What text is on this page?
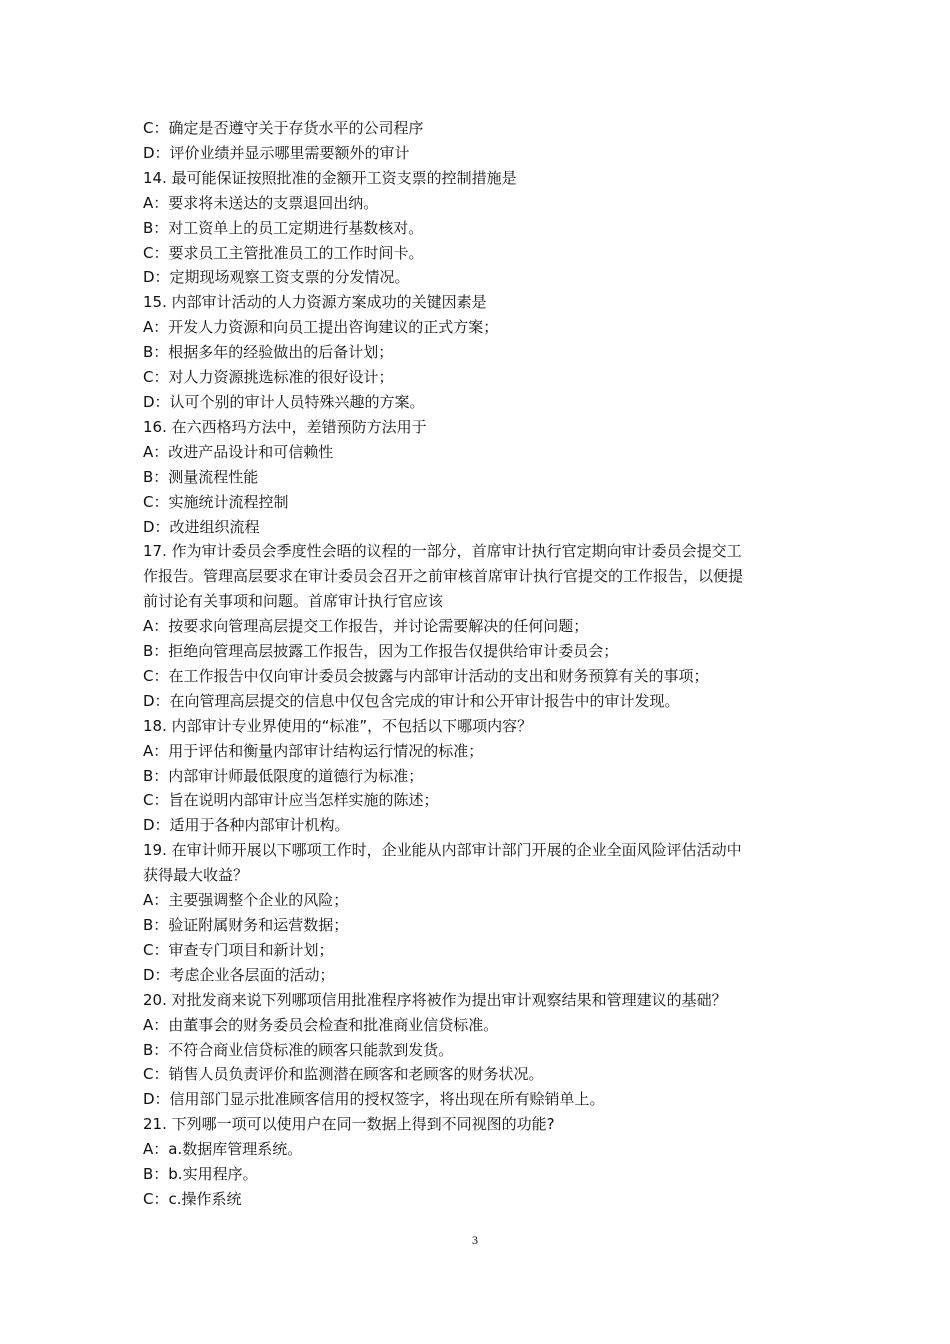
C：确定是否遵守关于存货水平的公司程序
D：评价业绩并显示哪里需要额外的审计
14. 最可能保证按照批准的金额开工资支票的控制措施是
A：要求将未送达的支票退回出纳。
B：对工资单上的员工定期进行基数核对。
C：要求员工主管批准员工的工作时间卡。
D：定期现场观察工资支票的分发情况。
15. 内部审计活动的人力资源方案成功的关键因素是
A：开发人力资源和向员工提出咨询建议的正式方案；
B：根据多年的经验做出的后备计划；
C：对人力资源挑选标准的很好设计；
D：认可个别的审计人员特殊兴趣的方案。
16. 在六西格玛方法中，差错预防方法用于
A：改进产品设计和可信赖性
B：测量流程性能
C：实施统计流程控制
D：改进组织流程
17. 作为审计委员会季度性会晤的议程的一部分，首席审计执行官定期向审计委员会提交工
作报告。管理高层要求在审计委员会召开之前审核首席审计执行官提交的工作报告，以便提
前讨论有关事项和问题。首席审计执行官应该
A：按要求向管理高层提交工作报告，并讨论需要解决的任何问题；
B：拒绝向管理高层披露工作报告，因为工作报告仅提供给审计委员会；
C：在工作报告中仅向审计委员会披露与内部审计活动的支出和财务预算有关的事项；
D：在向管理高层提交的信息中仅包含完成的审计和公开审计报告中的审计发现。
18. 内部审计专业界使用的“标准”，不包括以下哪项内容？
A：用于评估和衡量内部审计结构运行情况的标准；
B：内部审计师最低限度的道德行为标准；
C：旨在说明内部审计应当怎样实施的陈述；
D：适用于各种内部审计机构。
19. 在审计师开展以下哪项工作时，企业能从内部审计部门开展的企业全面风险评估活动中
获得最大收益？
A：主要强调整个企业的风险；
B：验证附属财务和运营数据；
C：审查专门项目和新计划；
D：考虑企业各层面的活动；
20. 对批发商来说下列哪项信用批准程序将被作为提出审计观察结果和管理建议的基础？
A：由董事会的财务委员会检查和批准商业信贷标准。
B：不符合商业信贷标准的顾客只能款到发货。
C：销售人员负责评价和监测潜在顾客和老顾客的财务状况。
D：信用部门显示批准顾客信用的授权签字，将出现在所有赊销单上。
21. 下列哪一项可以使用户在同一数据上得到不同视图的功能?
A：a.数据库管理系统。
B：b.实用程序。
C：c.操作系统
3
